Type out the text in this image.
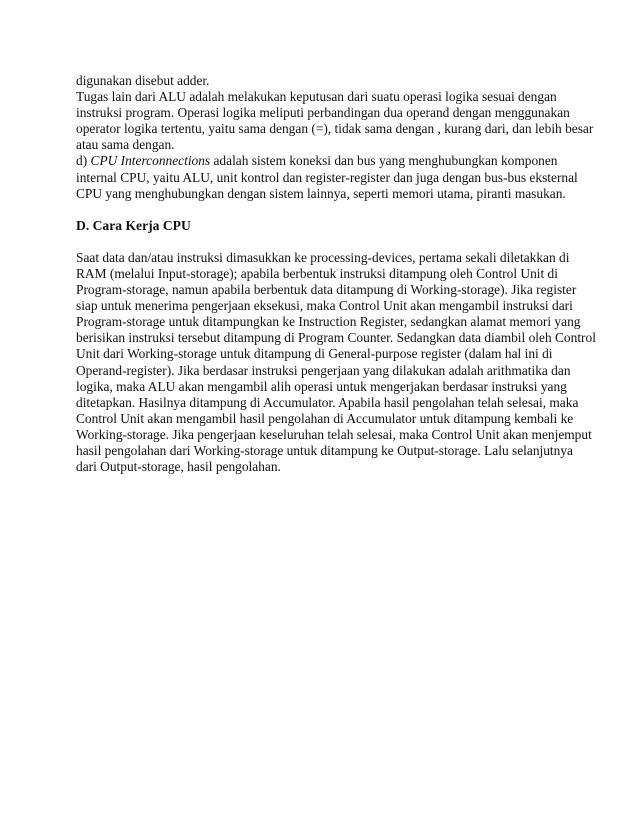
digunakan disebut adder.
Tugas lain dari ALU adalah melakukan keputusan dari suatu operasi logika sesuai dengan
instruksi program. Operasi logika meliputi perbandingan dua operand dengan menggunakan
operator logika tertentu, yaitu sama dengan (=), tidak sama dengan , kurang dari, dan lebih besar
atau sama dengan.
d) CPU Interconnections adalah sistem koneksi dan bus yang menghubungkan komponen
internal CPU, yaitu ALU, unit kontrol dan register-register dan juga dengan bus-bus eksternal
CPU yang menghubungkan dengan sistem lainnya, seperti memori utama, piranti masukan.
D. Cara Kerja CPU
Saat data dan/atau instruksi dimasukkan ke processing-devices, pertama sekali diletakkan di
RAM (melalui Input-storage); apabila berbentuk instruksi ditampung oleh Control Unit di
Program-storage, namun apabila berbentuk data ditampung di Working-storage). Jika register
siap untuk menerima pengerjaan eksekusi, maka Control Unit akan mengambil instruksi dari
Program-storage untuk ditampungkan ke Instruction Register, sedangkan alamat memori yang
berisikan instruksi tersebut ditampung di Program Counter. Sedangkan data diambil oleh Control
Unit dari Working-storage untuk ditampung di General-purpose register (dalam hal ini di
Operand-register). Jika berdasar instruksi pengerjaan yang dilakukan adalah arithmatika dan
logika, maka ALU akan mengambil alih operasi untuk mengerjakan berdasar instruksi yang
ditetapkan. Hasilnya ditampung di Accumulator. Apabila hasil pengolahan telah selesai, maka
Control Unit akan mengambil hasil pengolahan di Accumulator untuk ditampung kembali ke
Working-storage. Jika pengerjaan keseluruhan telah selesai, maka Control Unit akan menjemput
hasil pengolahan dari Working-storage untuk ditampung ke Output-storage. Lalu selanjutnya
dari Output-storage, hasil pengolahan.
